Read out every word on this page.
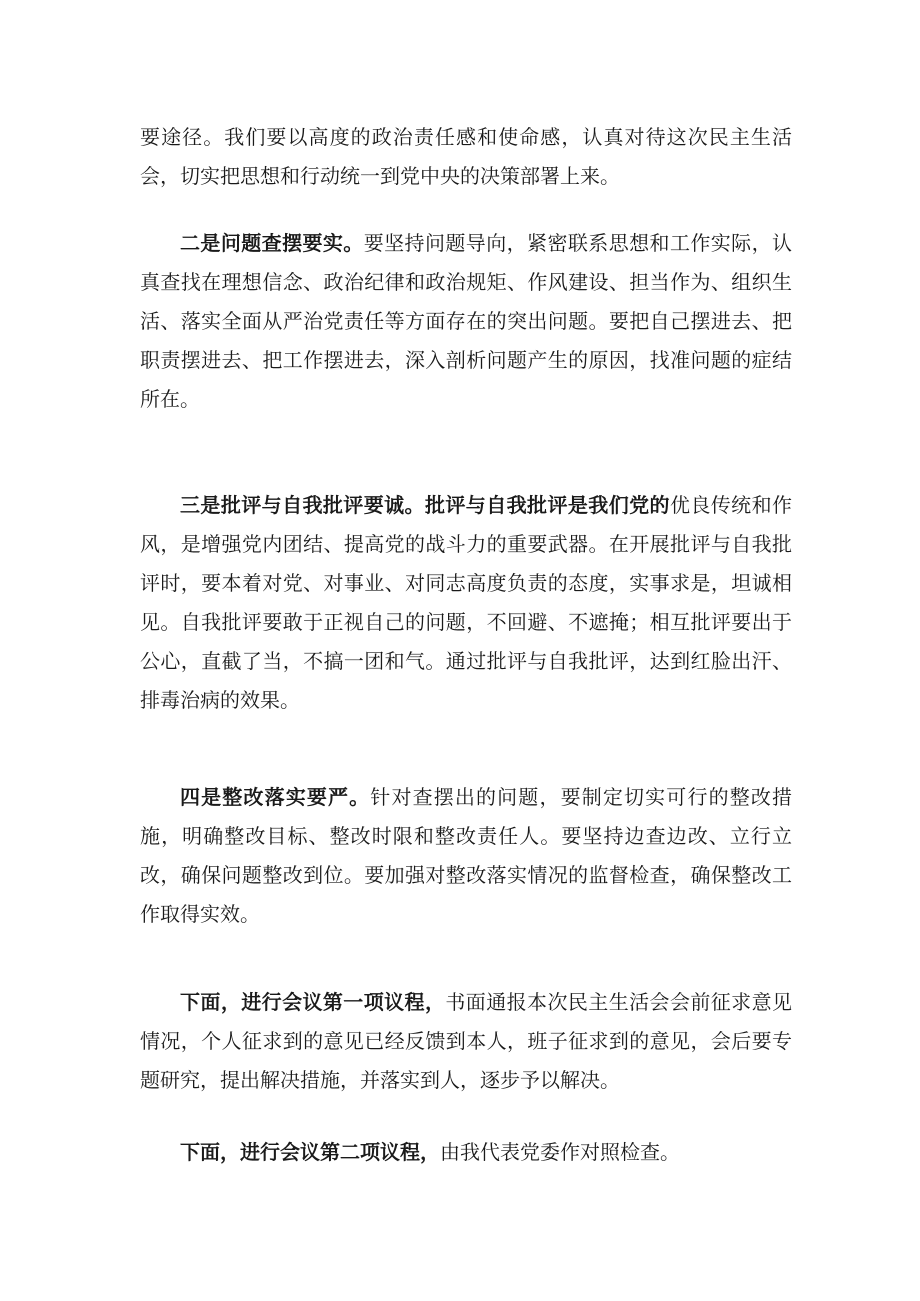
要途径。我们要以高度的政治责任感和使命感，认真对待这次民主生活会，切实把思想和行动统一到党中央的决策部署上来。

二是问题查摆要实。要坚持问题导向，紧密联系思想和工作实际，认真查找在理想信念、政治纪律和政治规矩、作风建设、担当作为、组织生活、落实全面从严治党责任等方面存在的突出问题。要把自己摆进去、把职责摆进去、把工作摆进去，深入剖析问题产生的原因，找准问题的症结所在。

三是批评与自我批评要诚。批评与自我批评是我们党的优良传统和作风，是增强党内团结、提高党的战斗力的重要武器。在开展批评与自我批评时，要本着对党、对事业、对同志高度负责的态度，实事求是，坦诚相见。自我批评要敢于正视自己的问题，不回避、不遮掩；相互批评要出于公心，直截了当，不搞一团和气。通过批评与自我批评，达到红脸出汗、排毒治病的效果。

四是整改落实要严。针对查摆出的问题，要制定切实可行的整改措施，明确整改目标、整改时限和整改责任人。要坚持边查边改、立行立改，确保问题整改到位。要加强对整改落实情况的监督检查，确保整改工作取得实效。

下面，进行会议第一项议程，书面通报本次民主生活会会前征求意见情况，个人征求到的意见已经反馈到本人，班子征求到的意见，会后要专题研究，提出解决措施，并落实到人，逐步予以解决。

下面，进行会议第二项议程，由我代表党委作对照检查。
